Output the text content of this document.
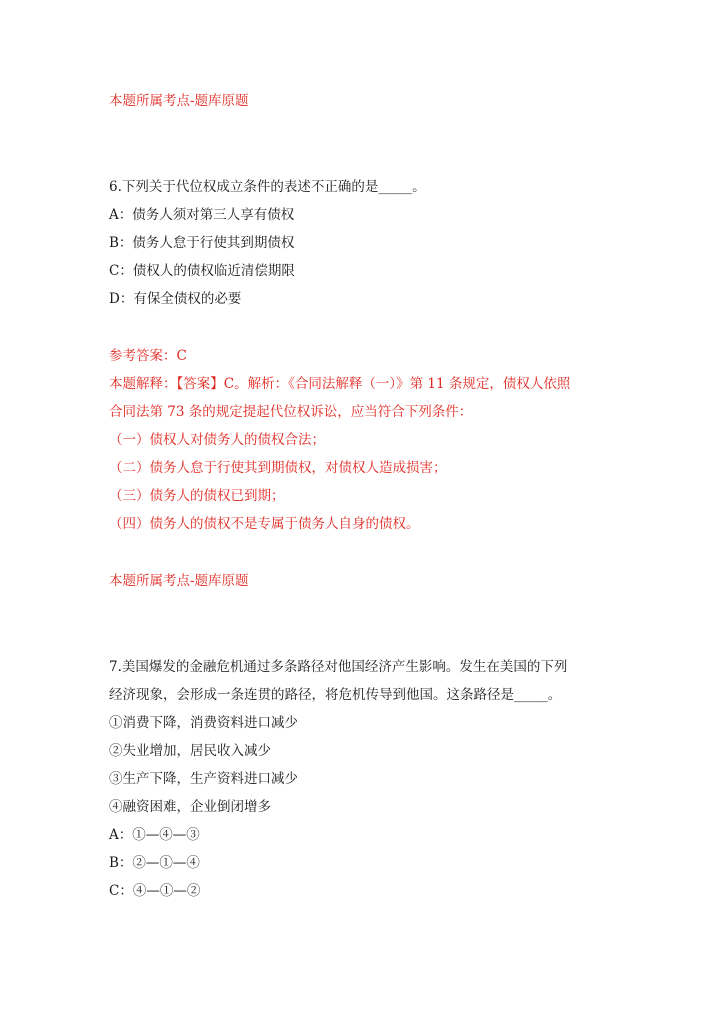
本题所属考点-题库原题
6.下列关于代位权成立条件的表述不正确的是_____。
A：债务人须对第三人享有债权
B：债务人怠于行使其到期债权
C：债权人的债权临近清偿期限
D：有保全债权的必要
参考答案：C
本题解释：【答案】C。解析：《合同法解释（一）》第 11 条规定，债权人依照
合同法第 73 条的规定提起代位权诉讼，应当符合下列条件：
（一）债权人对债务人的债权合法；
（二）债务人怠于行使其到期债权，对债权人造成损害；
（三）债务人的债权已到期；
（四）债务人的债权不是专属于债务人自身的债权。
本题所属考点-题库原题
7.美国爆发的金融危机通过多条路径对他国经济产生影响。发生在美国的下列
经济现象，会形成一条连贯的路径，将危机传导到他国。这条路径是_____。
①消费下降，消费资料进口减少
②失业增加，居民收入减少
③生产下降，生产资料进口减少
④融资困难，企业倒闭增多
A：①—④—③
B：②—①—④
C：④—①—②
